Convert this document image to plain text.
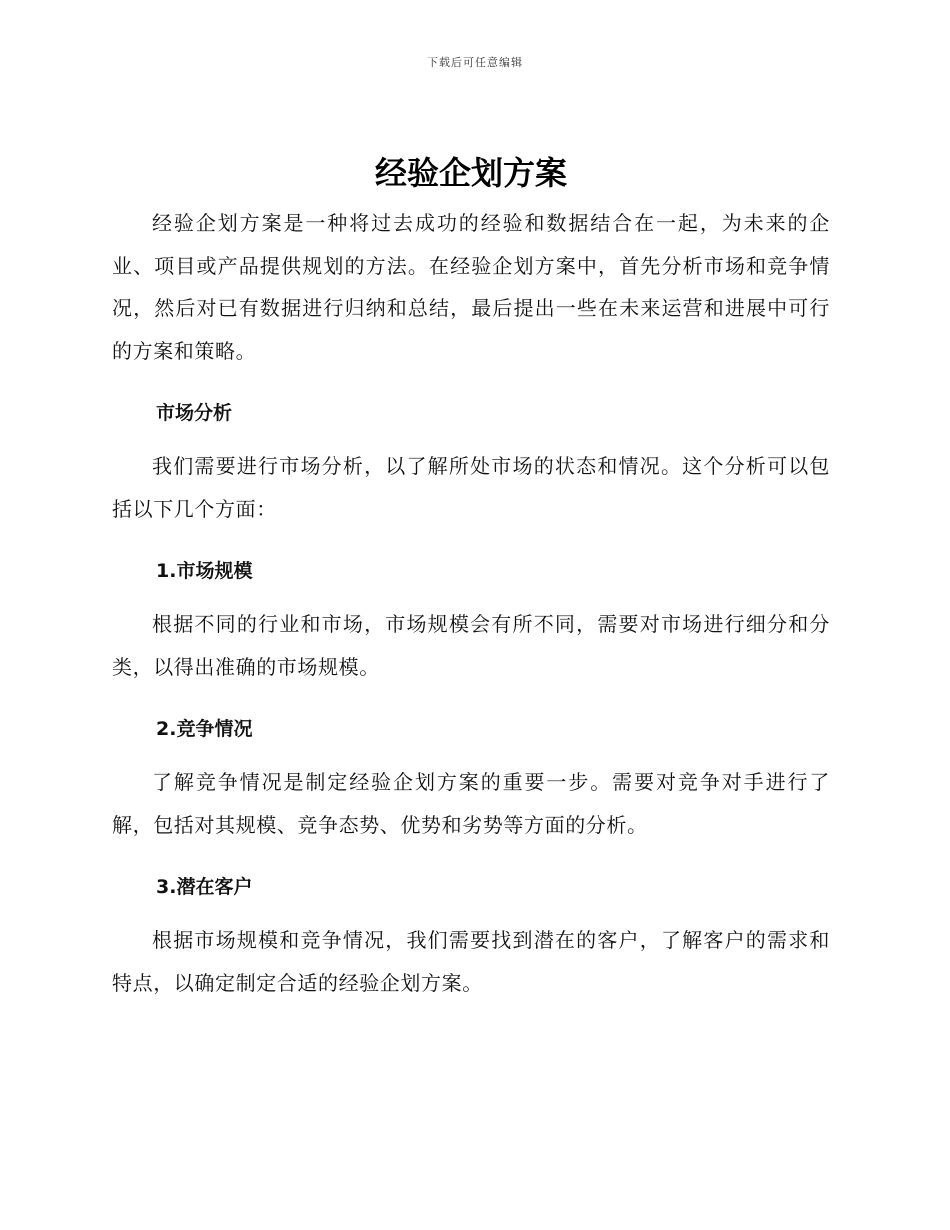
下载后可任意编辑
经验企划方案

经验企划方案是一种将过去成功的经验和数据结合在一起，为未来的企业、项目或产品提供规划的方法。在经验企划方案中，首先分析市场和竞争情况，然后对已有数据进行归纳和总结，最后提出一些在未来运营和进展中可行的方案和策略。

市场分析

我们需要进行市场分析，以了解所处市场的状态和情况。这个分析可以包括以下几个方面：

1.市场规模

根据不同的行业和市场，市场规模会有所不同，需要对市场进行细分和分类，以得出准确的市场规模。

2.竞争情况

了解竞争情况是制定经验企划方案的重要一步。需要对竞争对手进行了解，包括对其规模、竞争态势、优势和劣势等方面的分析。

3.潜在客户

根据市场规模和竞争情况，我们需要找到潜在的客户，了解客户的需求和特点，以确定制定合适的经验企划方案。
